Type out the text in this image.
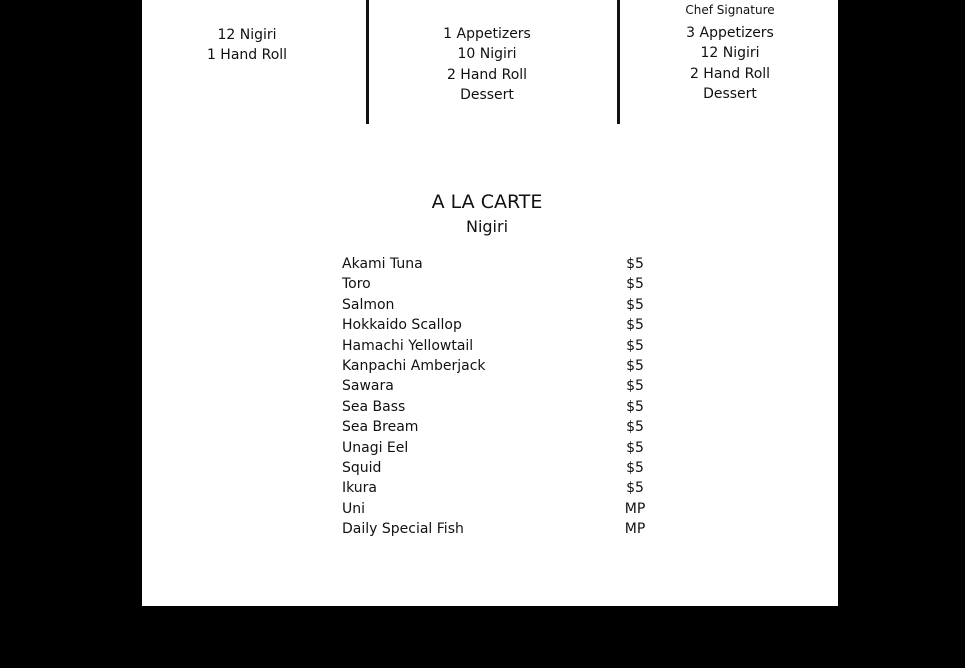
12 Nigiri
1 Hand Roll
1 Appetizers
10 Nigiri
2 Hand Roll
Dessert
Chef Signature
3 Appetizers
12 Nigiri
2 Hand Roll
Dessert
A LA CARTE
Nigiri
Akami Tuna	$5
Toro	$5
Salmon	$5
Hokkaido Scallop	$5
Hamachi Yellowtail	$5
Kanpachi Amberjack	$5
Sawara	$5
Sea Bass	$5
Sea Bream	$5
Unagi Eel	$5
Squid	$5
Ikura	$5
Uni	MP
Daily Special Fish	MP
